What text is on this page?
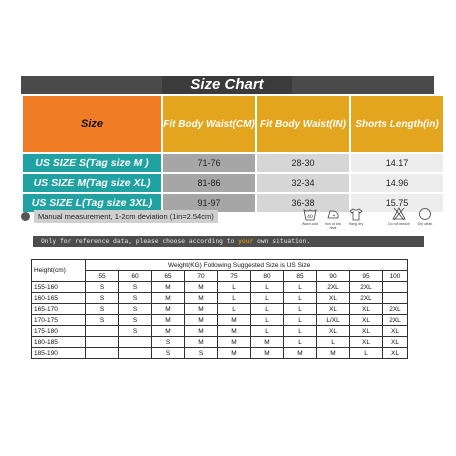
Size Chart
Size	Fit Body Waist(CM)	Fit Body Waist(IN)	Shorts Length(in)
US SIZE S(Tag size M )	71-76	28-30	14.17
US SIZE M(Tag size XL)	81-86	32-34	14.96
US SIZE L(Tag size 3XL)	91-97	36-38	15.75
Manual measurement, 1-2cm deviation (1in=2.54cm)	40
Wash cold	Iron at low heat
Hang dry	Do not bleach	Dry clean
Only for reference data, please choose according to your own situation.
Height(cm)	Weight(KG) Following Suggested Size is US Size									
	55	60	65	70	75	80	85	90	95	100
155-160	S	S	M	M	L	L	L	2XL	2XL	
160-165	S	S	M	M	L	L	L	XL	2XL	
165-170	S	S	M	M	L	L	L	XL	XL	2XL
170-175	S	S	M	M	M	L	L	L/XL	XL	2XL
175-180		S	M	M	M	L	L	XL	XL	XL
180-185			S	M	M	M	L	L	XL	XL
185-190			S	S	M	M	M	M	L	XL
